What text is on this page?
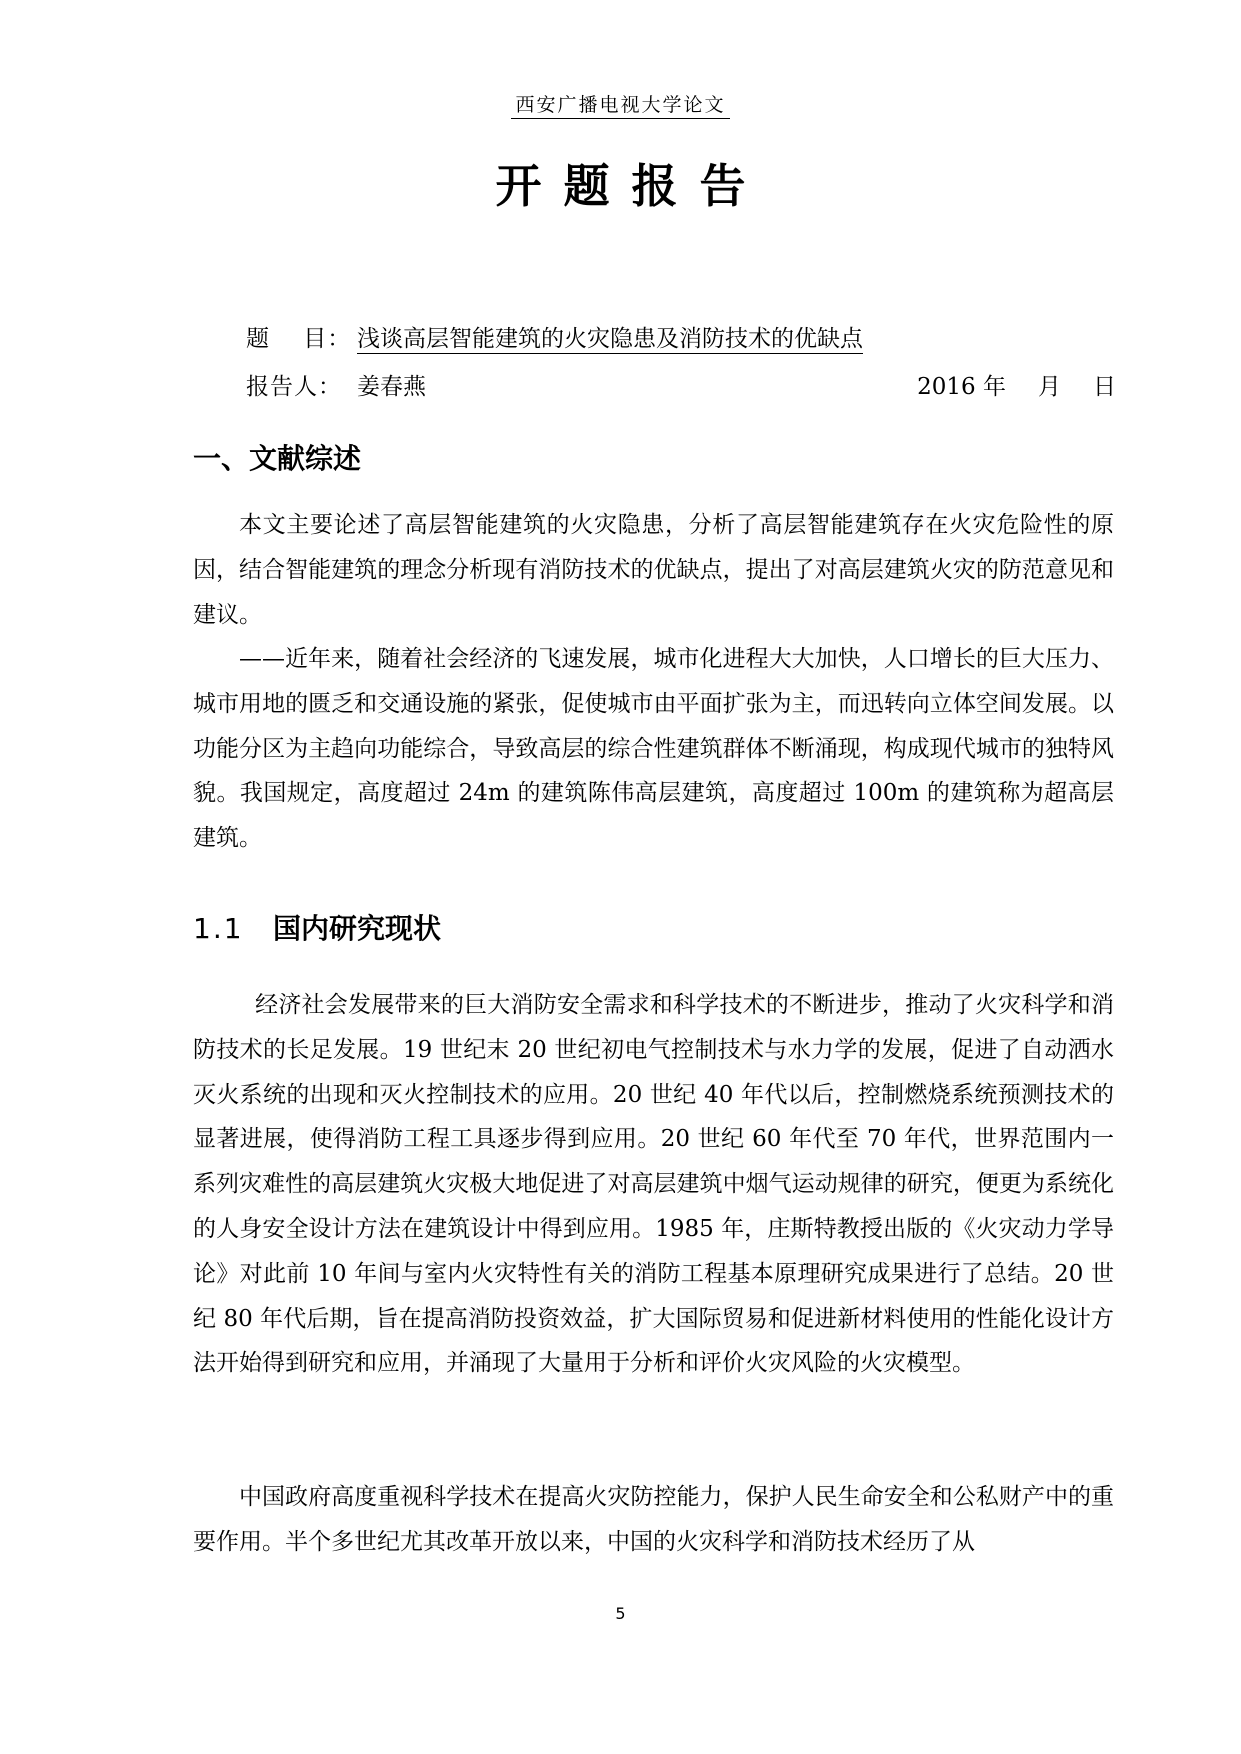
西安广播电视大学论文
开题报告
题    目： 浅谈高层智能建筑的火灾隐患及消防技术的优缺点
报告人： 姜春燕	2016 年 月 日
一、文献综述

本文主要论述了高层智能建筑的火灾隐患，分析了高层智能建筑存在火灾危险性的原因，结合智能建筑的理念分析现有消防技术的优缺点，提出了对高层建筑火灾的防范意见和建议。

——近年来，随着社会经济的飞速发展，城市化进程大大加快，人口增长的巨大压力、城市用地的匮乏和交通设施的紧张，促使城市由平面扩张为主，而迅转向立体空间发展。以功能分区为主趋向功能综合，导致高层的综合性建筑群体不断涌现，构成现代城市的独特风貌。我国规定，高度超过 24m 的建筑陈伟高层建筑，高度超过 100m 的建筑称为超高层建筑。

1.1 国内研究现状

经济社会发展带来的巨大消防安全需求和科学技术的不断进步，推动了火灾科学和消防技术的长足发展。19 世纪末 20 世纪初电气控制技术与水力学的发展，促进了自动洒水灭火系统的出现和灭火控制技术的应用。20 世纪 40 年代以后，控制燃烧系统预测技术的显著进展，使得消防工程工具逐步得到应用。20 世纪 60 年代至 70 年代，世界范围内一系列灾难性的高层建筑火灾极大地促进了对高层建筑中烟气运动规律的研究，便更为系统化的人身安全设计方法在建筑设计中得到应用。1985 年，庄斯特教授出版的《火灾动力学导论》对此前 10 年间与室内火灾特性有关的消防工程基本原理研究成果进行了总结。20 世纪 80 年代后期，旨在提高消防投资效益，扩大国际贸易和促进新材料使用的性能化设计方法开始得到研究和应用，并涌现了大量用于分析和评价火灾风险的火灾模型。

中国政府高度重视科学技术在提高火灾防控能力，保护人民生命安全和公私财产中的重要作用。半个多世纪尤其改革开放以来，中国的火灾科学和消防技术经历了从

5
